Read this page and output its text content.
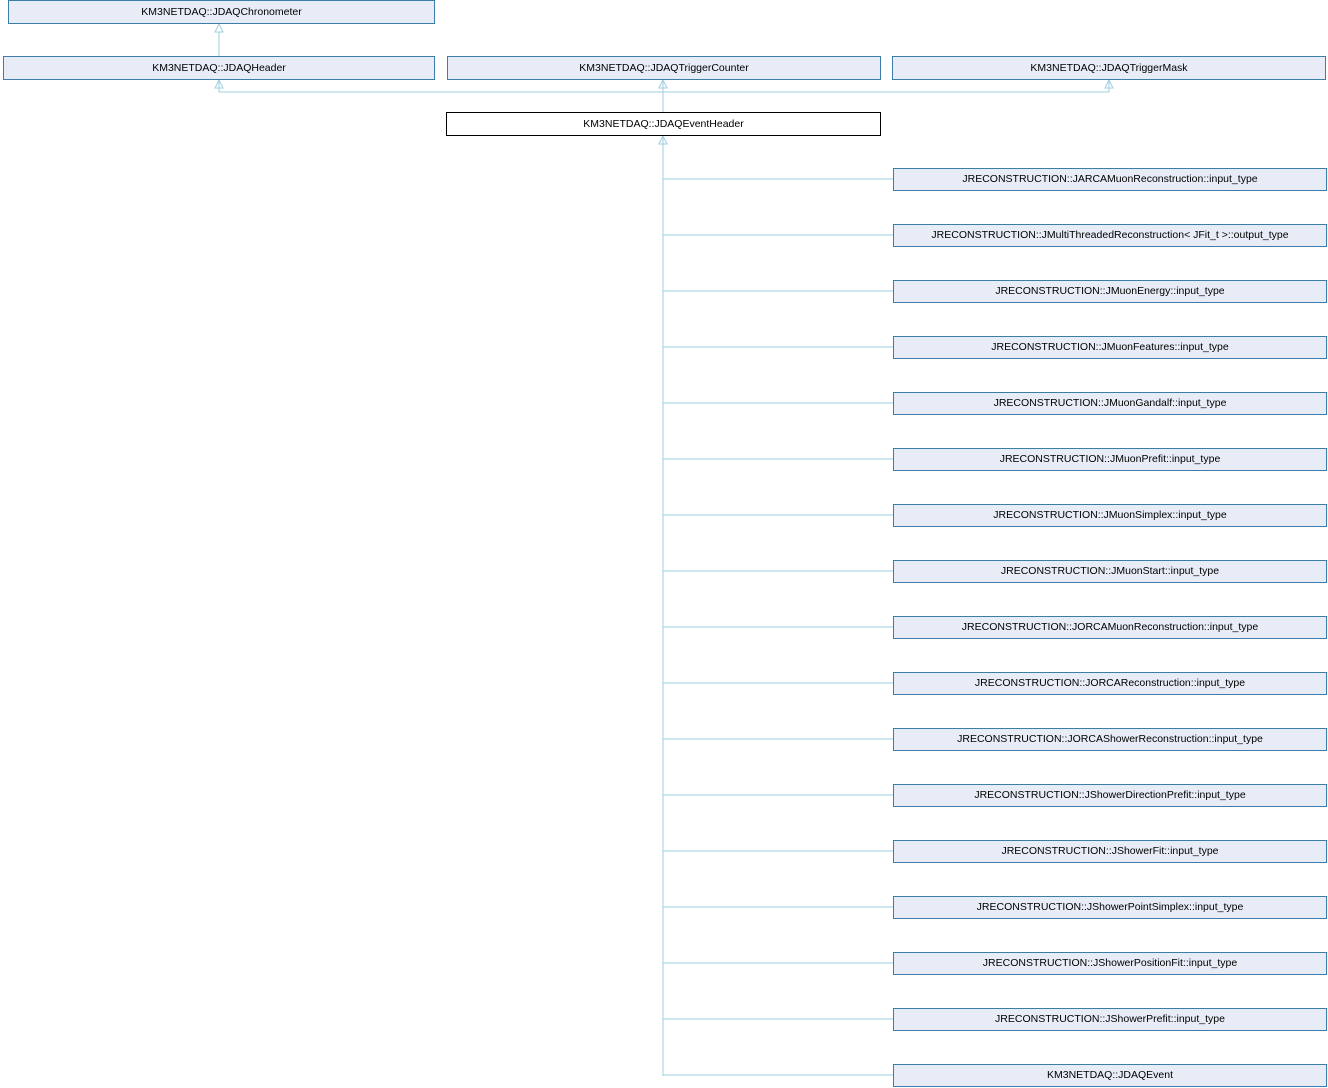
KM3NETDAQ::JDAQChronometer
KM3NETDAQ::JDAQHeader	KM3NETDAQ::JDAQTriggerCounter	KM3NETDAQ::JDAQTriggerMask
KM3NETDAQ::JDAQEventHeader
JRECONSTRUCTION::JARCAMuonReconstruction::input_type
JRECONSTRUCTION::JMultiThreadedReconstruction< JFit_t >::output_type
JRECONSTRUCTION::JMuonEnergy::input_type
JRECONSTRUCTION::JMuonFeatures::input_type
JRECONSTRUCTION::JMuonGandalf::input_type
JRECONSTRUCTION::JMuonPrefit::input_type
JRECONSTRUCTION::JMuonSimplex::input_type
JRECONSTRUCTION::JMuonStart::input_type
JRECONSTRUCTION::JORCAMuonReconstruction::input_type
JRECONSTRUCTION::JORCAReconstruction::input_type
JRECONSTRUCTION::JORCAShowerReconstruction::input_type
JRECONSTRUCTION::JShowerDirectionPrefit::input_type
JRECONSTRUCTION::JShowerFit::input_type
JRECONSTRUCTION::JShowerPointSimplex::input_type
JRECONSTRUCTION::JShowerPositionFit::input_type
JRECONSTRUCTION::JShowerPrefit::input_type
KM3NETDAQ::JDAQEvent
